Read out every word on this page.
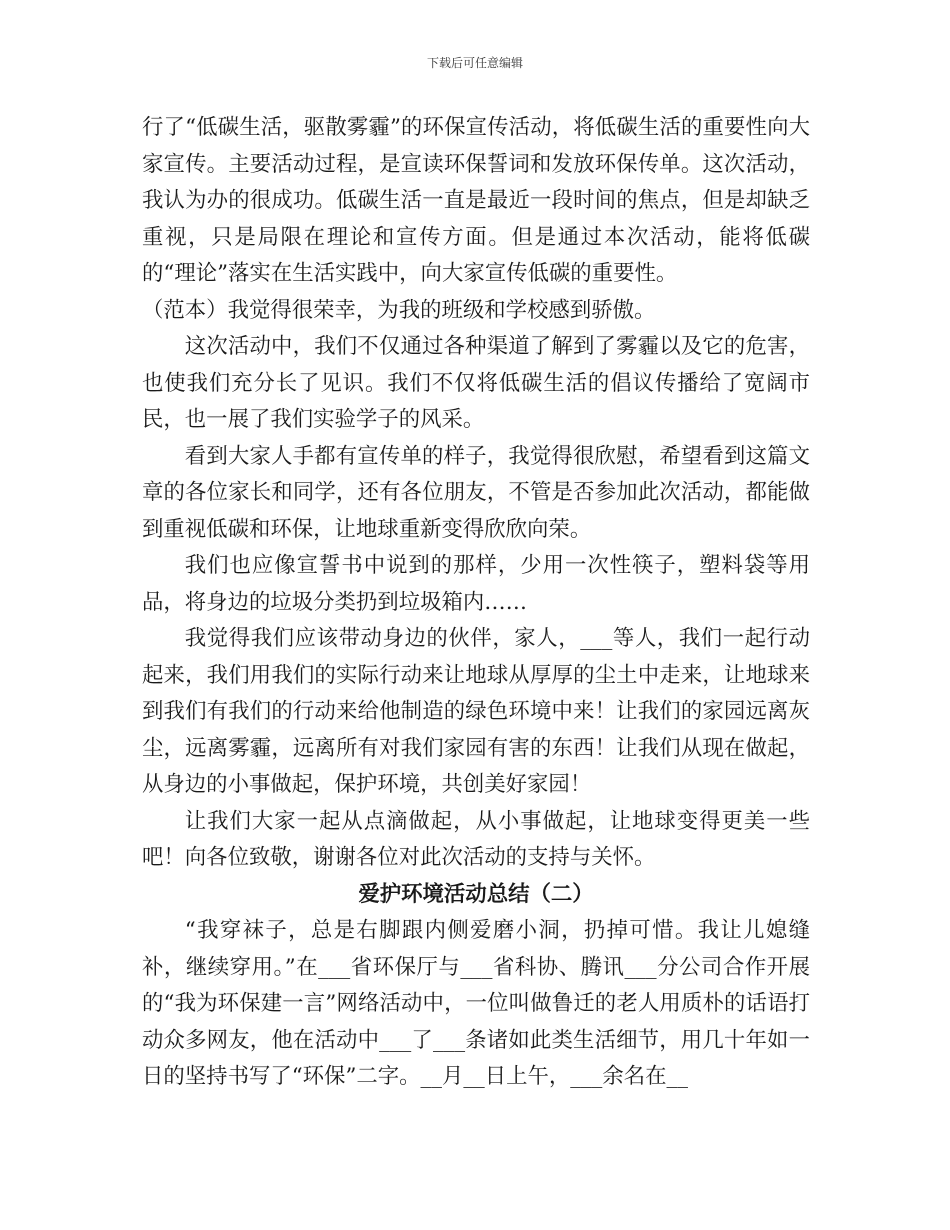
下载后可任意编辑

行了“低碳生活，驱散雾霾”的环保宣传活动，将低碳生活的重要性向大家宣传。主要活动过程，是宣读环保誓词和发放环保传单。这次活动，我认为办的很成功。低碳生活一直是最近一段时间的焦点，但是却缺乏重视，只是局限在理论和宣传方面。但是通过本次活动，能将低碳的“理论”落实在生活实践中，向大家宣传低碳的重要性。

（范本）我觉得很荣幸，为我的班级和学校感到骄傲。

这次活动中，我们不仅通过各种渠道了解到了雾霾以及它的危害，也使我们充分长了见识。我们不仅将低碳生活的倡议传播给了宽阔市民，也一展了我们实验学子的风采。

看到大家人手都有宣传单的样子，我觉得很欣慰，希望看到这篇文章的各位家长和同学，还有各位朋友，不管是否参加此次活动，都能做到重视低碳和环保，让地球重新变得欣欣向荣。

我们也应像宣誓书中说到的那样，少用一次性筷子，塑料袋等用品，将身边的垃圾分类扔到垃圾箱内……

我觉得我们应该带动身边的伙伴，家人，___等人，我们一起行动起来，我们用我们的实际行动来让地球从厚厚的尘土中走来，让地球来到我们有我们的行动来给他制造的绿色环境中来！让我们的家园远离灰尘，远离雾霾，远离所有对我们家园有害的东西！让我们从现在做起，从身边的小事做起，保护环境，共创美好家园！

让我们大家一起从点滴做起，从小事做起，让地球变得更美一些吧！向各位致敬，谢谢各位对此次活动的支持与关怀。

爱护环境活动总结（二）

“我穿袜子，总是右脚跟内侧爱磨小洞，扔掉可惜。我让儿媳缝补，继续穿用。”在___省环保厅与___省科协、腾讯___分公司合作开展的“我为环保建一言”网络活动中，一位叫做鲁迁的老人用质朴的话语打动众多网友，他在活动中___了___条诸如此类生活细节，用几十年如一日的坚持书写了“环保”二字。__月__日上午，___余名在__
